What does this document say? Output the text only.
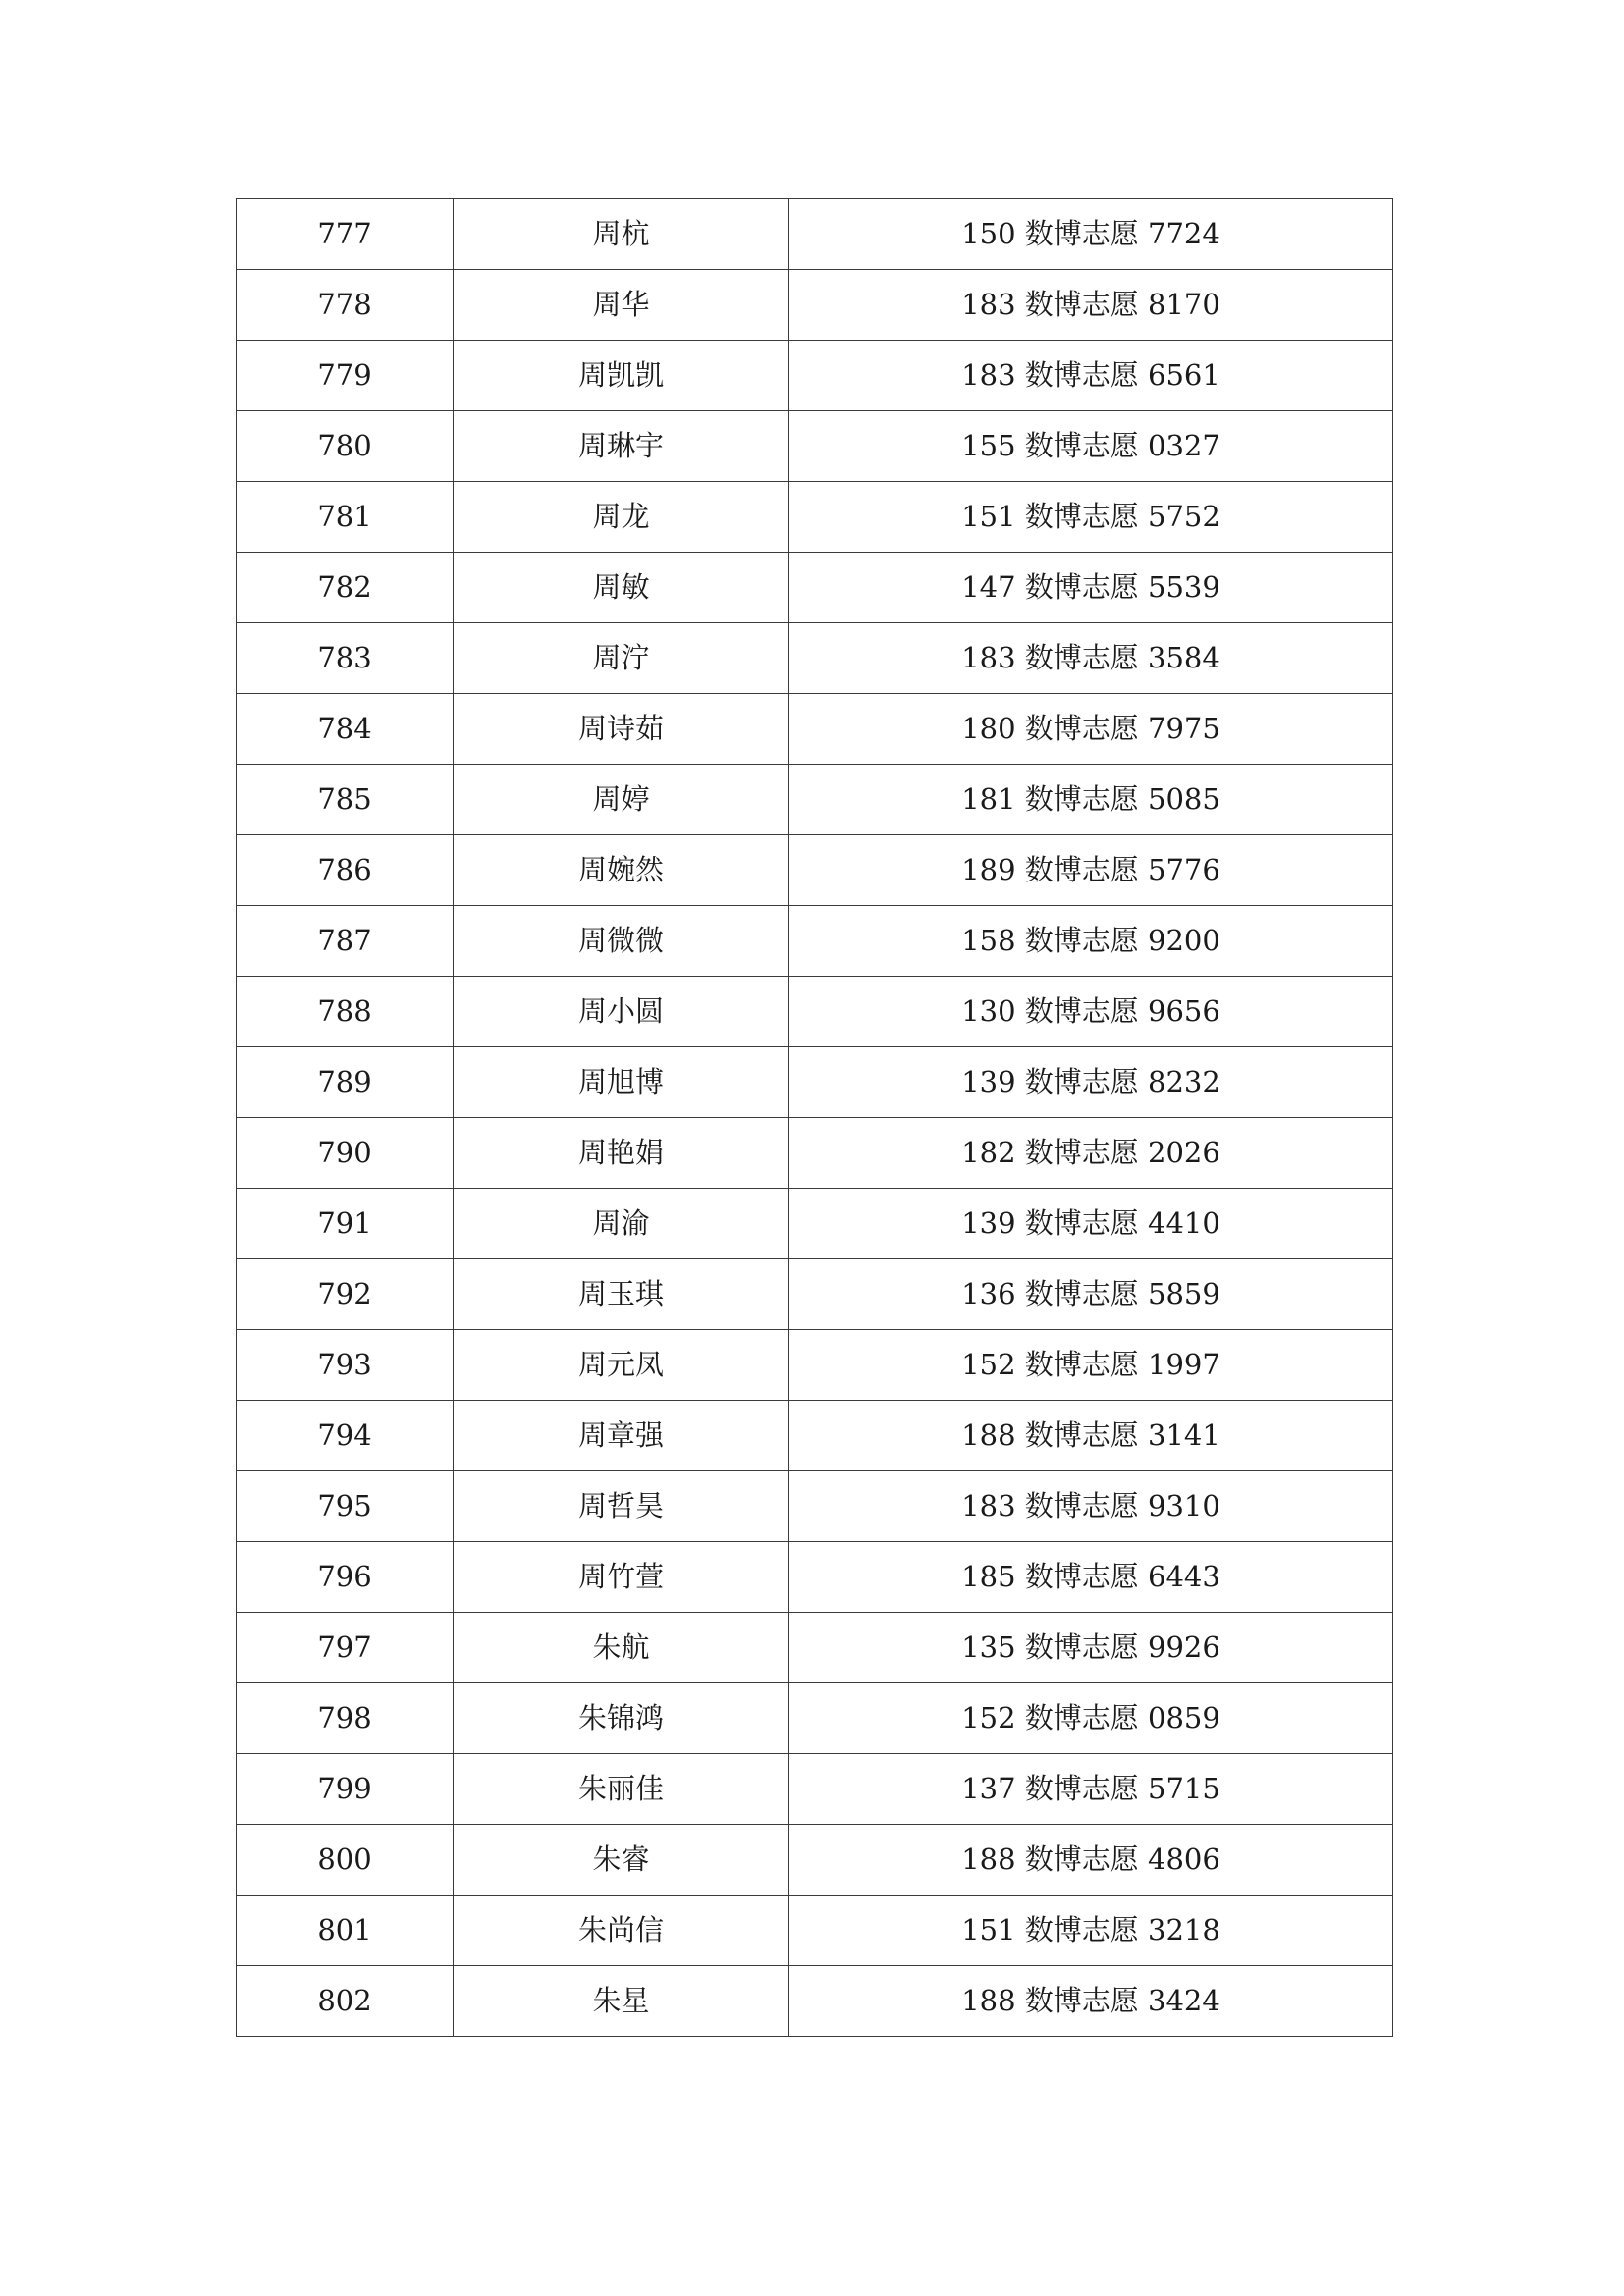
777	周杭	150 数博志愿 7724
778	周华	183 数博志愿 8170
779	周凯凯	183 数博志愿 6561
780	周琳宇	155 数博志愿 0327
781	周龙	151 数博志愿 5752
782	周敏	147 数博志愿 5539
783	周泞	183 数博志愿 3584
784	周诗茹	180 数博志愿 7975
785	周婷	181 数博志愿 5085
786	周婉然	189 数博志愿 5776
787	周微微	158 数博志愿 9200
788	周小圆	130 数博志愿 9656
789	周旭博	139 数博志愿 8232
790	周艳娟	182 数博志愿 2026
791	周渝	139 数博志愿 4410
792	周玉琪	136 数博志愿 5859
793	周元凤	152 数博志愿 1997
794	周章强	188 数博志愿 3141
795	周哲昊	183 数博志愿 9310
796	周竹萱	185 数博志愿 6443
797	朱航	135 数博志愿 9926
798	朱锦鸿	152 数博志愿 0859
799	朱丽佳	137 数博志愿 5715
800	朱睿	188 数博志愿 4806
801	朱尚信	151 数博志愿 3218
802	朱星	188 数博志愿 3424
